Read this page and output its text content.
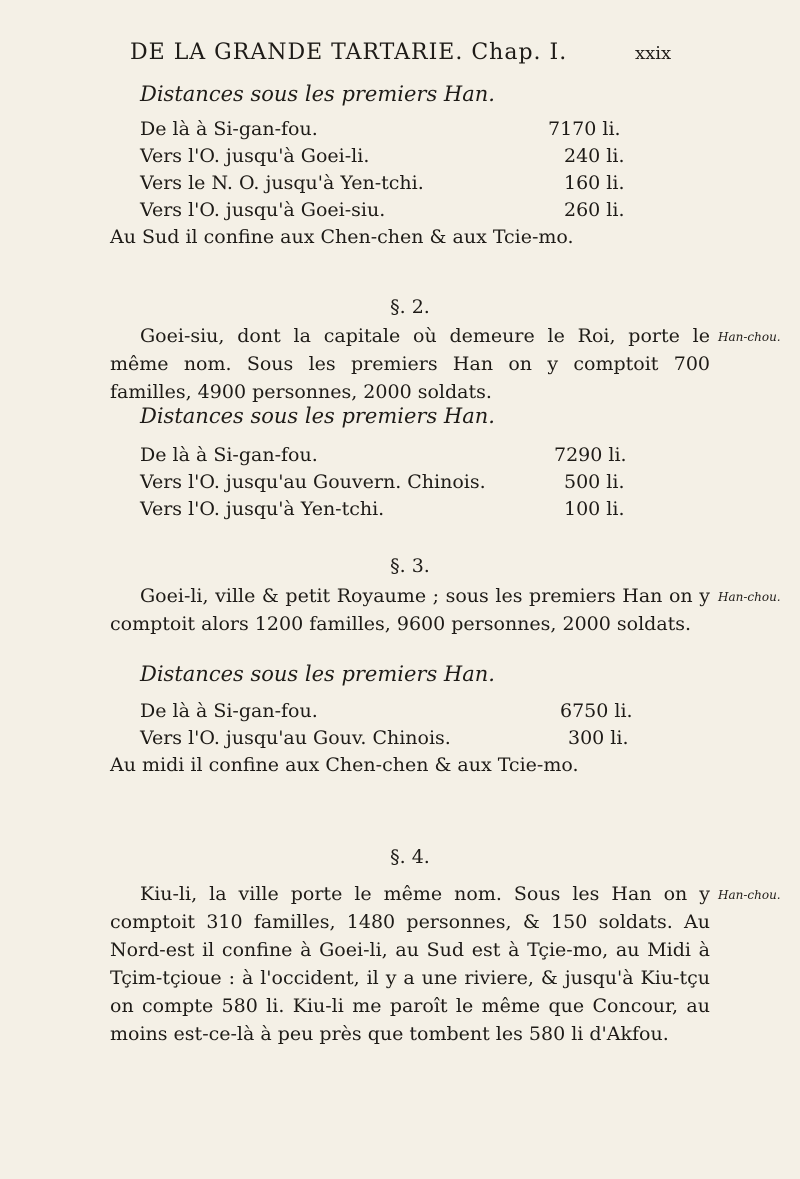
DE LA GRANDE TARTARIE. Chap. I.	xxix

Distances sous les premiers Han.

De là à Si-gan-fou.	7170 li.
Vers l'O. jusqu'à Goei-li.	240 li.
Vers le N. O. jusqu'à Yen-tchi.	160 li.
Vers l'O. jusqu'à Goei-siu.	260 li.
Au Sud il confine aux Chen-chen & aux Tcie-mo.
§. 2.

Goei-siu, dont la capitale où demeure le Roi, porte le même nom. Sous les premiers Han on y comptoit 700 familles, 4900 personnes, 2000 soldats.

Han-chou.

Distances sous les premiers Han.

De là à Si-gan-fou.	7290 li.
Vers l'O. jusqu'au Gouvern. Chinois.	500 li.
Vers l'O. jusqu'à Yen-tchi.	100 li.
§. 3.

Goei-li, ville & petit Royaume ; sous les premiers Han on y comptoit alors 1200 familles, 9600 personnes, 2000 soldats.

Han-chou.

Distances sous les premiers Han.

De là à Si-gan-fou.	6750 li.
Vers l'O. jusqu'au Gouv. Chinois.	300 li.
Au midi il confine aux Chen-chen & aux Tcie-mo.
§. 4.

Kiu-li, la ville porte le même nom. Sous les Han on y comptoit 310 familles, 1480 personnes, & 150 soldats. Au Nord-est il confine à Goei-li, au Sud est à Tçie-mo, au Midi à Tçim-tçioue : à l'occident, il y a une riviere, & jusqu'à Kiu-tçu on compte 580 li. Kiu-li me paroît le même que Concour, au moins est-ce-là à peu près que tombent les 580 li d'Akfou.

Han-chou.
